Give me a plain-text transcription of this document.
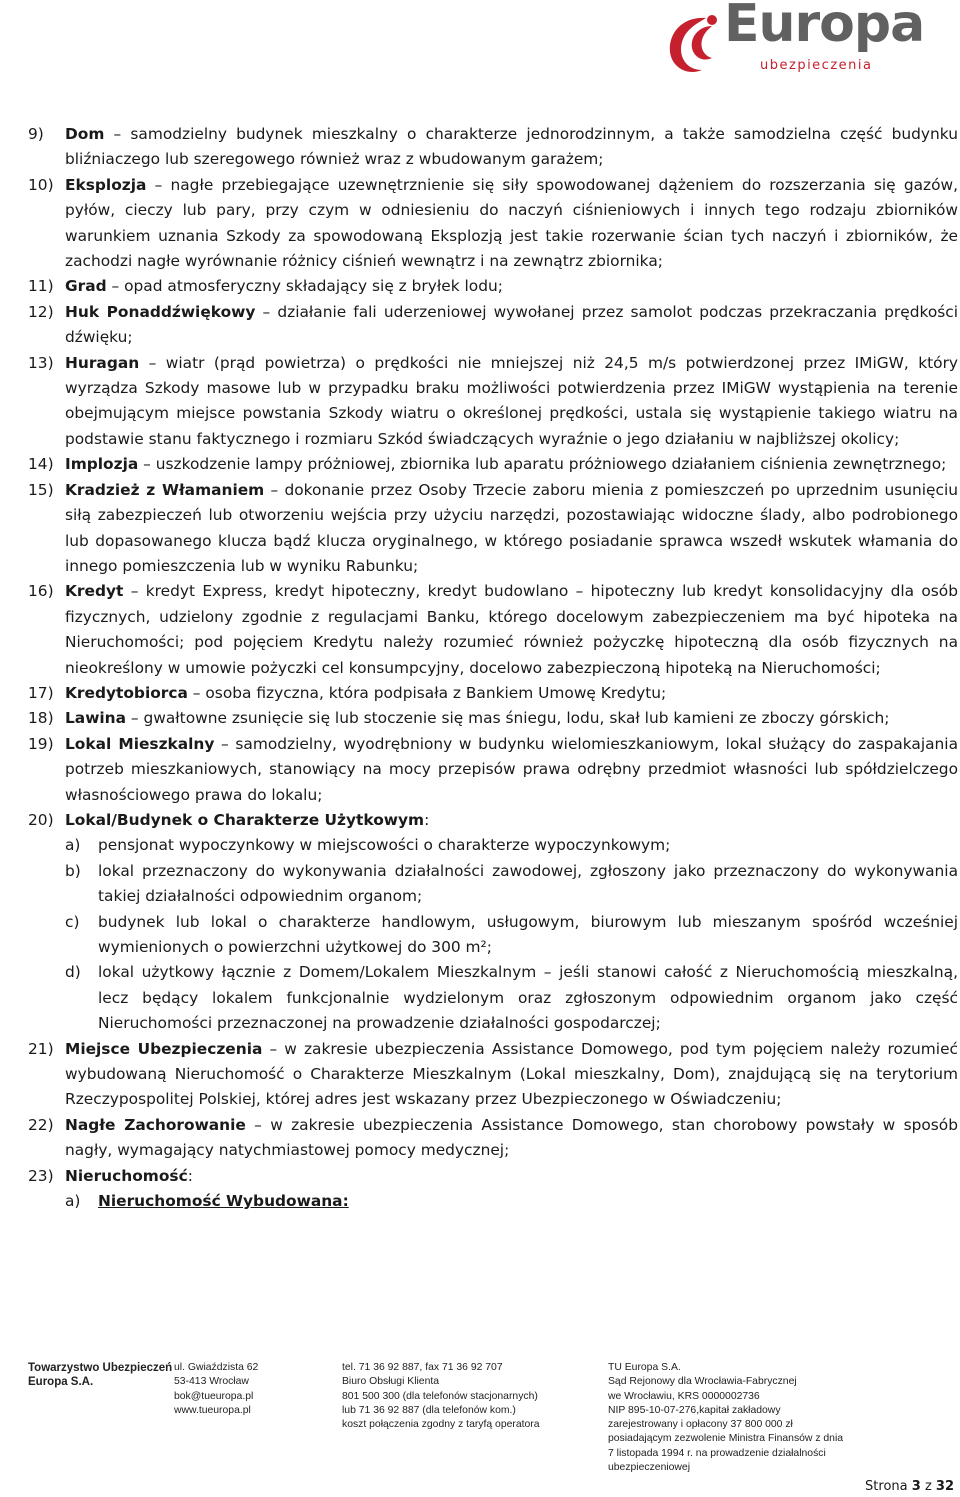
Europa
ubezpieczenia
9) Dom – samodzielny budynek mieszkalny o charakterze jednorodzinnym, a także samodzielna część budynku bliźniaczego lub szeregowego również wraz z wbudowanym garażem;
10) Eksplozja – nagłe przebiegające uzewnętrznienie się siły spowodowanej dążeniem do rozszerzania się gazów, pyłów, cieczy lub pary, przy czym w odniesieniu do naczyń ciśnieniowych i innych tego rodzaju zbiorników warunkiem uznania Szkody za spowodowaną Eksplozją jest takie rozerwanie ścian tych naczyń i zbiorników, że zachodzi nagłe wyrównanie różnicy ciśnień wewnątrz i na zewnątrz zbiornika;
11) Grad – opad atmosferyczny składający się z bryłek lodu;
12) Huk Ponaddźwiękowy – działanie fali uderzeniowej wywołanej przez samolot podczas przekraczania prędkości dźwięku;
13) Huragan – wiatr (prąd powietrza) o prędkości nie mniejszej niż 24,5 m/s potwierdzonej przez IMiGW, który wyrządza Szkody masowe lub w przypadku braku możliwości potwierdzenia przez IMiGW wystąpienia na terenie obejmującym miejsce powstania Szkody wiatru o określonej prędkości, ustala się wystąpienie takiego wiatru na podstawie stanu faktycznego i rozmiaru Szkód świadczących wyraźnie o jego działaniu w najbliższej okolicy;
14) Implozja – uszkodzenie lampy próżniowej, zbiornika lub aparatu próżniowego działaniem ciśnienia zewnętrznego;
15) Kradzież z Włamaniem – dokonanie przez Osoby Trzecie zaboru mienia z pomieszczeń po uprzednim usunięciu siłą zabezpieczeń lub otworzeniu wejścia przy użyciu narzędzi, pozostawiając widoczne ślady, albo podrobionego lub dopasowanego klucza bądź klucza oryginalnego, w którego posiadanie sprawca wszedł wskutek włamania do innego pomieszczenia lub w wyniku Rabunku;
16) Kredyt – kredyt Express, kredyt hipoteczny, kredyt budowlano – hipoteczny lub kredyt konsolidacyjny dla osób fizycznych, udzielony zgodnie z regulacjami Banku, którego docelowym zabezpieczeniem ma być hipoteka na Nieruchomości; pod pojęciem Kredytu należy rozumieć również pożyczkę hipoteczną dla osób fizycznych na nieokreślony w umowie pożyczki cel konsumpcyjny, docelowo zabezpieczoną hipoteką na Nieruchomości;
17) Kredytobiorca – osoba fizyczna, która podpisała z Bankiem Umowę Kredytu;
18) Lawina – gwałtowne zsunięcie się lub stoczenie się mas śniegu, lodu, skał lub kamieni ze zboczy górskich;
19) Lokal Mieszkalny – samodzielny, wyodrębniony w budynku wielomieszkaniowym, lokal służący do zaspakajania potrzeb mieszkaniowych, stanowiący na mocy przepisów prawa odrębny przedmiot własności lub spółdzielczego własnościowego prawa do lokalu;
20) Lokal/Budynek o Charakterze Użytkowym:
a) pensjonat wypoczynkowy w miejscowości o charakterze wypoczynkowym;
b) lokal przeznaczony do wykonywania działalności zawodowej, zgłoszony jako przeznaczony do wykonywania takiej działalności odpowiednim organom;
c) budynek lub lokal o charakterze handlowym, usługowym, biurowym lub mieszanym spośród wcześniej wymienionych o powierzchni użytkowej do 300 m²;
d) lokal użytkowy łącznie z Domem/Lokalem Mieszkalnym – jeśli stanowi całość z Nieruchomością mieszkalną, lecz będący lokalem funkcjonalnie wydzielonym oraz zgłoszonym odpowiednim organom jako część Nieruchomości przeznaczonej na prowadzenie działalności gospodarczej;
21) Miejsce Ubezpieczenia – w zakresie ubezpieczenia Assistance Domowego, pod tym pojęciem należy rozumieć wybudowaną Nieruchomość o Charakterze Mieszkalnym (Lokal mieszkalny, Dom), znajdującą się na terytorium Rzeczypospolitej Polskiej, której adres jest wskazany przez Ubezpieczonego w Oświadczeniu;
22) Nagłe Zachorowanie – w zakresie ubezpieczenia Assistance Domowego, stan chorobowy powstały w sposób nagły, wymagający natychmiastowej pomocy medycznej;
23) Nieruchomość:
a) Nieruchomość Wybudowana:
Towarzystwo Ubezpieczeń
Europa S.A.
ul. Gwiaździsta 62
53-413 Wrocław
bok@tueuropa.pl
www.tueuropa.pl
tel. 71 36 92 887, fax 71 36 92 707
Biuro Obsługi Klienta
801 500 300 (dla telefonów stacjonarnych)
lub 71 36 92 887 (dla telefonów kom.)
koszt połączenia zgodny z taryfą operatora
TU Europa S.A.
Sąd Rejonowy dla Wrocławia-Fabrycznej
we Wrocławiu, KRS 0000002736
NIP 895-10-07-276,kapitał zakładowy
zarejestrowany i opłacony 37 800 000 zł
posiadającym zezwolenie Ministra Finansów z dnia
7 listopada 1994 r. na prowadzenie działalności
ubezpieczeniowej
Strona 3 z 32
